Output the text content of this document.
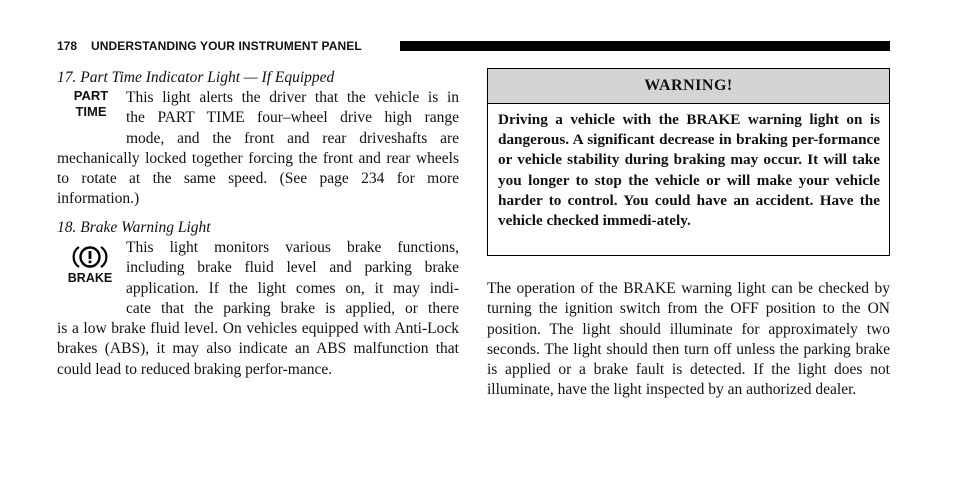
178 UNDERSTANDING YOUR INSTRUMENT PANEL

17. Part Time Indicator Light — If Equipped

PART
TIME
This light alerts the driver that the vehicle is in
the PART TIME four–wheel drive high range
mode, and the front and rear driveshafts are

mechanically locked together forcing the front and rear wheels to rotate at the same speed. (See page 234 for more information.)

18. Brake Warning Light

BRAKE
This light monitors various brake functions,
including brake fluid level and parking brake
application. If the light comes on, it may indi-
cate that the parking brake is applied, or there

is a low brake fluid level. On vehicles equipped with Anti-Lock brakes (ABS), it may also indicate an ABS malfunction that could lead to reduced braking perfor-mance.

WARNING!
Driving a vehicle with the BRAKE warning light on is dangerous. A significant decrease in braking per-formance or vehicle stability during braking may occur. It will take you longer to stop the vehicle or will make your vehicle harder to control. You could have an accident. Have the vehicle checked immedi-ately.

The operation of the BRAKE warning light can be checked by turning the ignition switch from the OFF position to the ON position. The light should illuminate for approximately two seconds. The light should then turn off unless the parking brake is applied or a brake fault is detected. If the light does not illuminate, have the light inspected by an authorized dealer.
